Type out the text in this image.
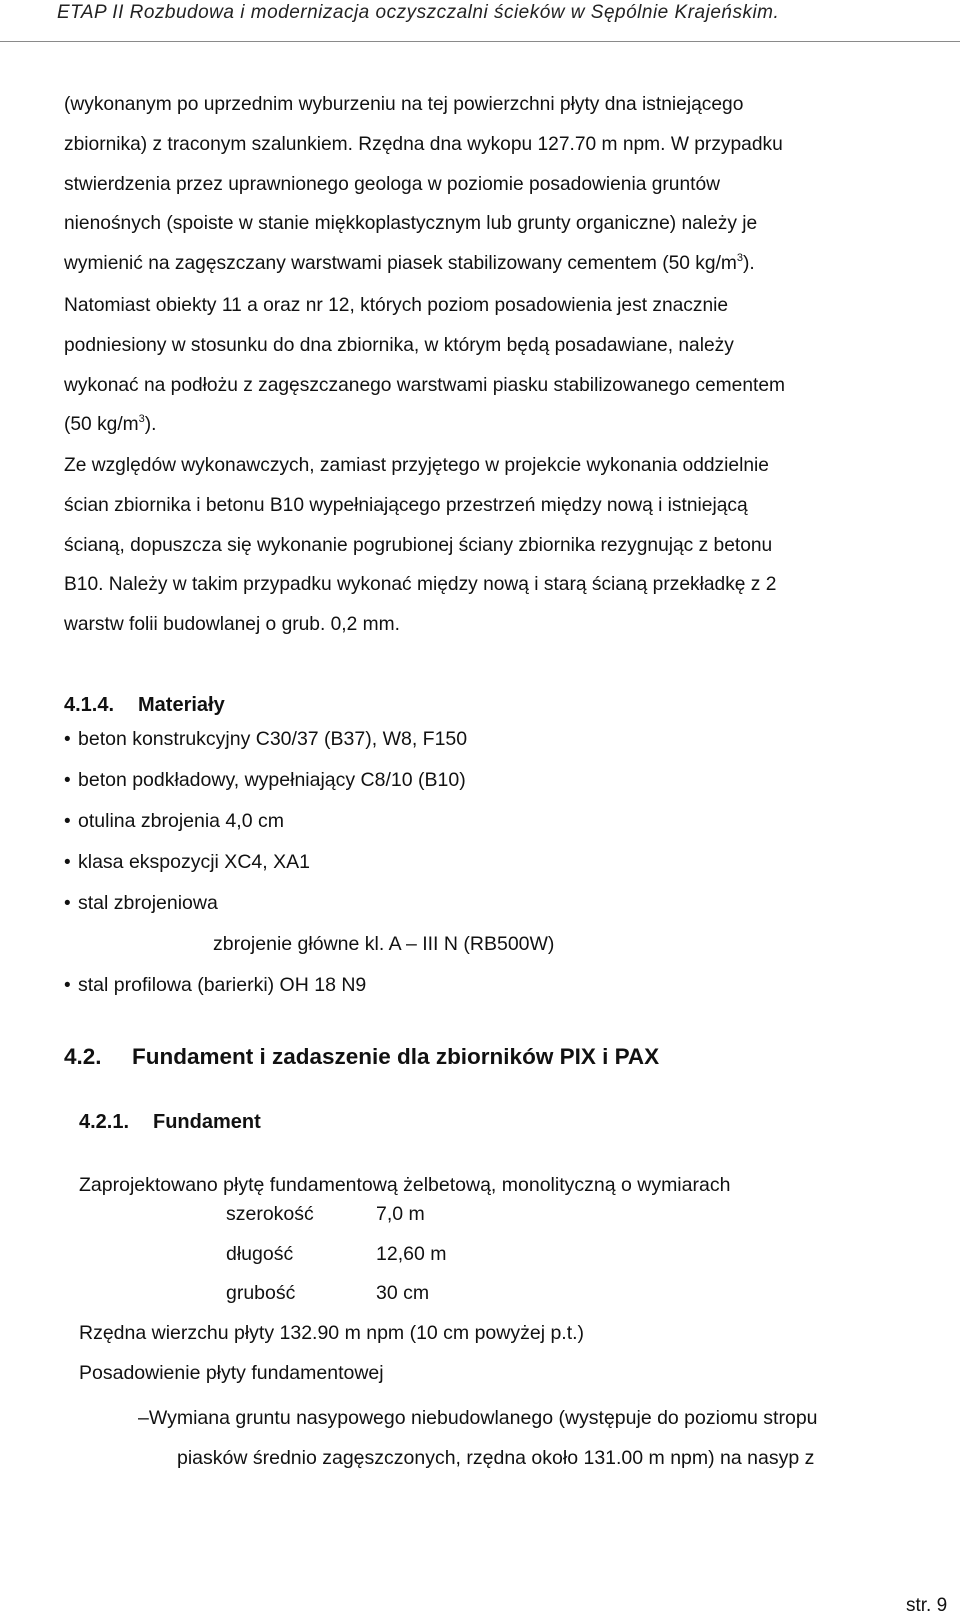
ETAP II Rozbudowa i modernizacja oczyszczalni ścieków w Sępólnie Krajeńskim.
(wykonanym po uprzednim wyburzeniu na tej powierzchni płyty dna istniejącego
zbiornika) z traconym szalunkiem. Rzędna dna wykopu 127.70 m npm. W przypadku
stwierdzenia przez uprawnionego geologa w poziomie posadowienia gruntów
nienośnych (spoiste w stanie miękkoplastycznym lub grunty organiczne) należy je
wymienić na zagęszczany warstwami piasek stabilizowany cementem (50 $kg/m^3$).
Natomiast obiekty 11 a oraz nr 12, których poziom posadowienia jest znacznie
podniesiony w stosunku do dna zbiornika, w którym będą posadawiane, należy
wykonać na podłożu z zagęszczanego warstwami piasku stabilizowanego cementem
(50 $kg/m^3$).
Ze względów wykonawczych, zamiast przyjętego w projekcie wykonania oddzielnie
ścian zbiornika i betonu B10 wypełniającego przestrzeń między nową i istniejącą
ścianą, dopuszcza się wykonanie pogrubionej ściany zbiornika rezygnując z betonu
B10. Należy w takim przypadku wykonać między nową i starą ścianą przekładkę z 2
warstw folii budowlanej o grub. 0,2 mm.
4.1.4. Materiały
• beton konstrukcyjny C30/37 (B37), W8, F150
• beton podkładowy, wypełniający C8/10 (B10)
• otulina zbrojenia 4,0 cm
• klasa ekspozycji XC4, XA1
• stal zbrojeniowa
• stal profilowa (barierki) OH 18 N9
zbrojenie główne kl. A – III N (RB500W)
4.2. Fundament i zadaszenie dla zbiorników PIX i PAX
4.2.1. Fundament
Zaprojektowano płytę fundamentową żelbetową, monolityczną o wymiarach
szerokość	7,0 m
długość	12,60 m
grubość	30 cm
Rzędna wierzchu płyty 132.90 m npm (10 cm powyżej p.t.)
Posadowienie płyty fundamentowej
–Wymiana gruntu nasypowego niebudowlanego (występuje do poziomu stropu
piasków średnio zagęszczonych, rzędna około 131.00 m npm) na nasyp z
str. 9
